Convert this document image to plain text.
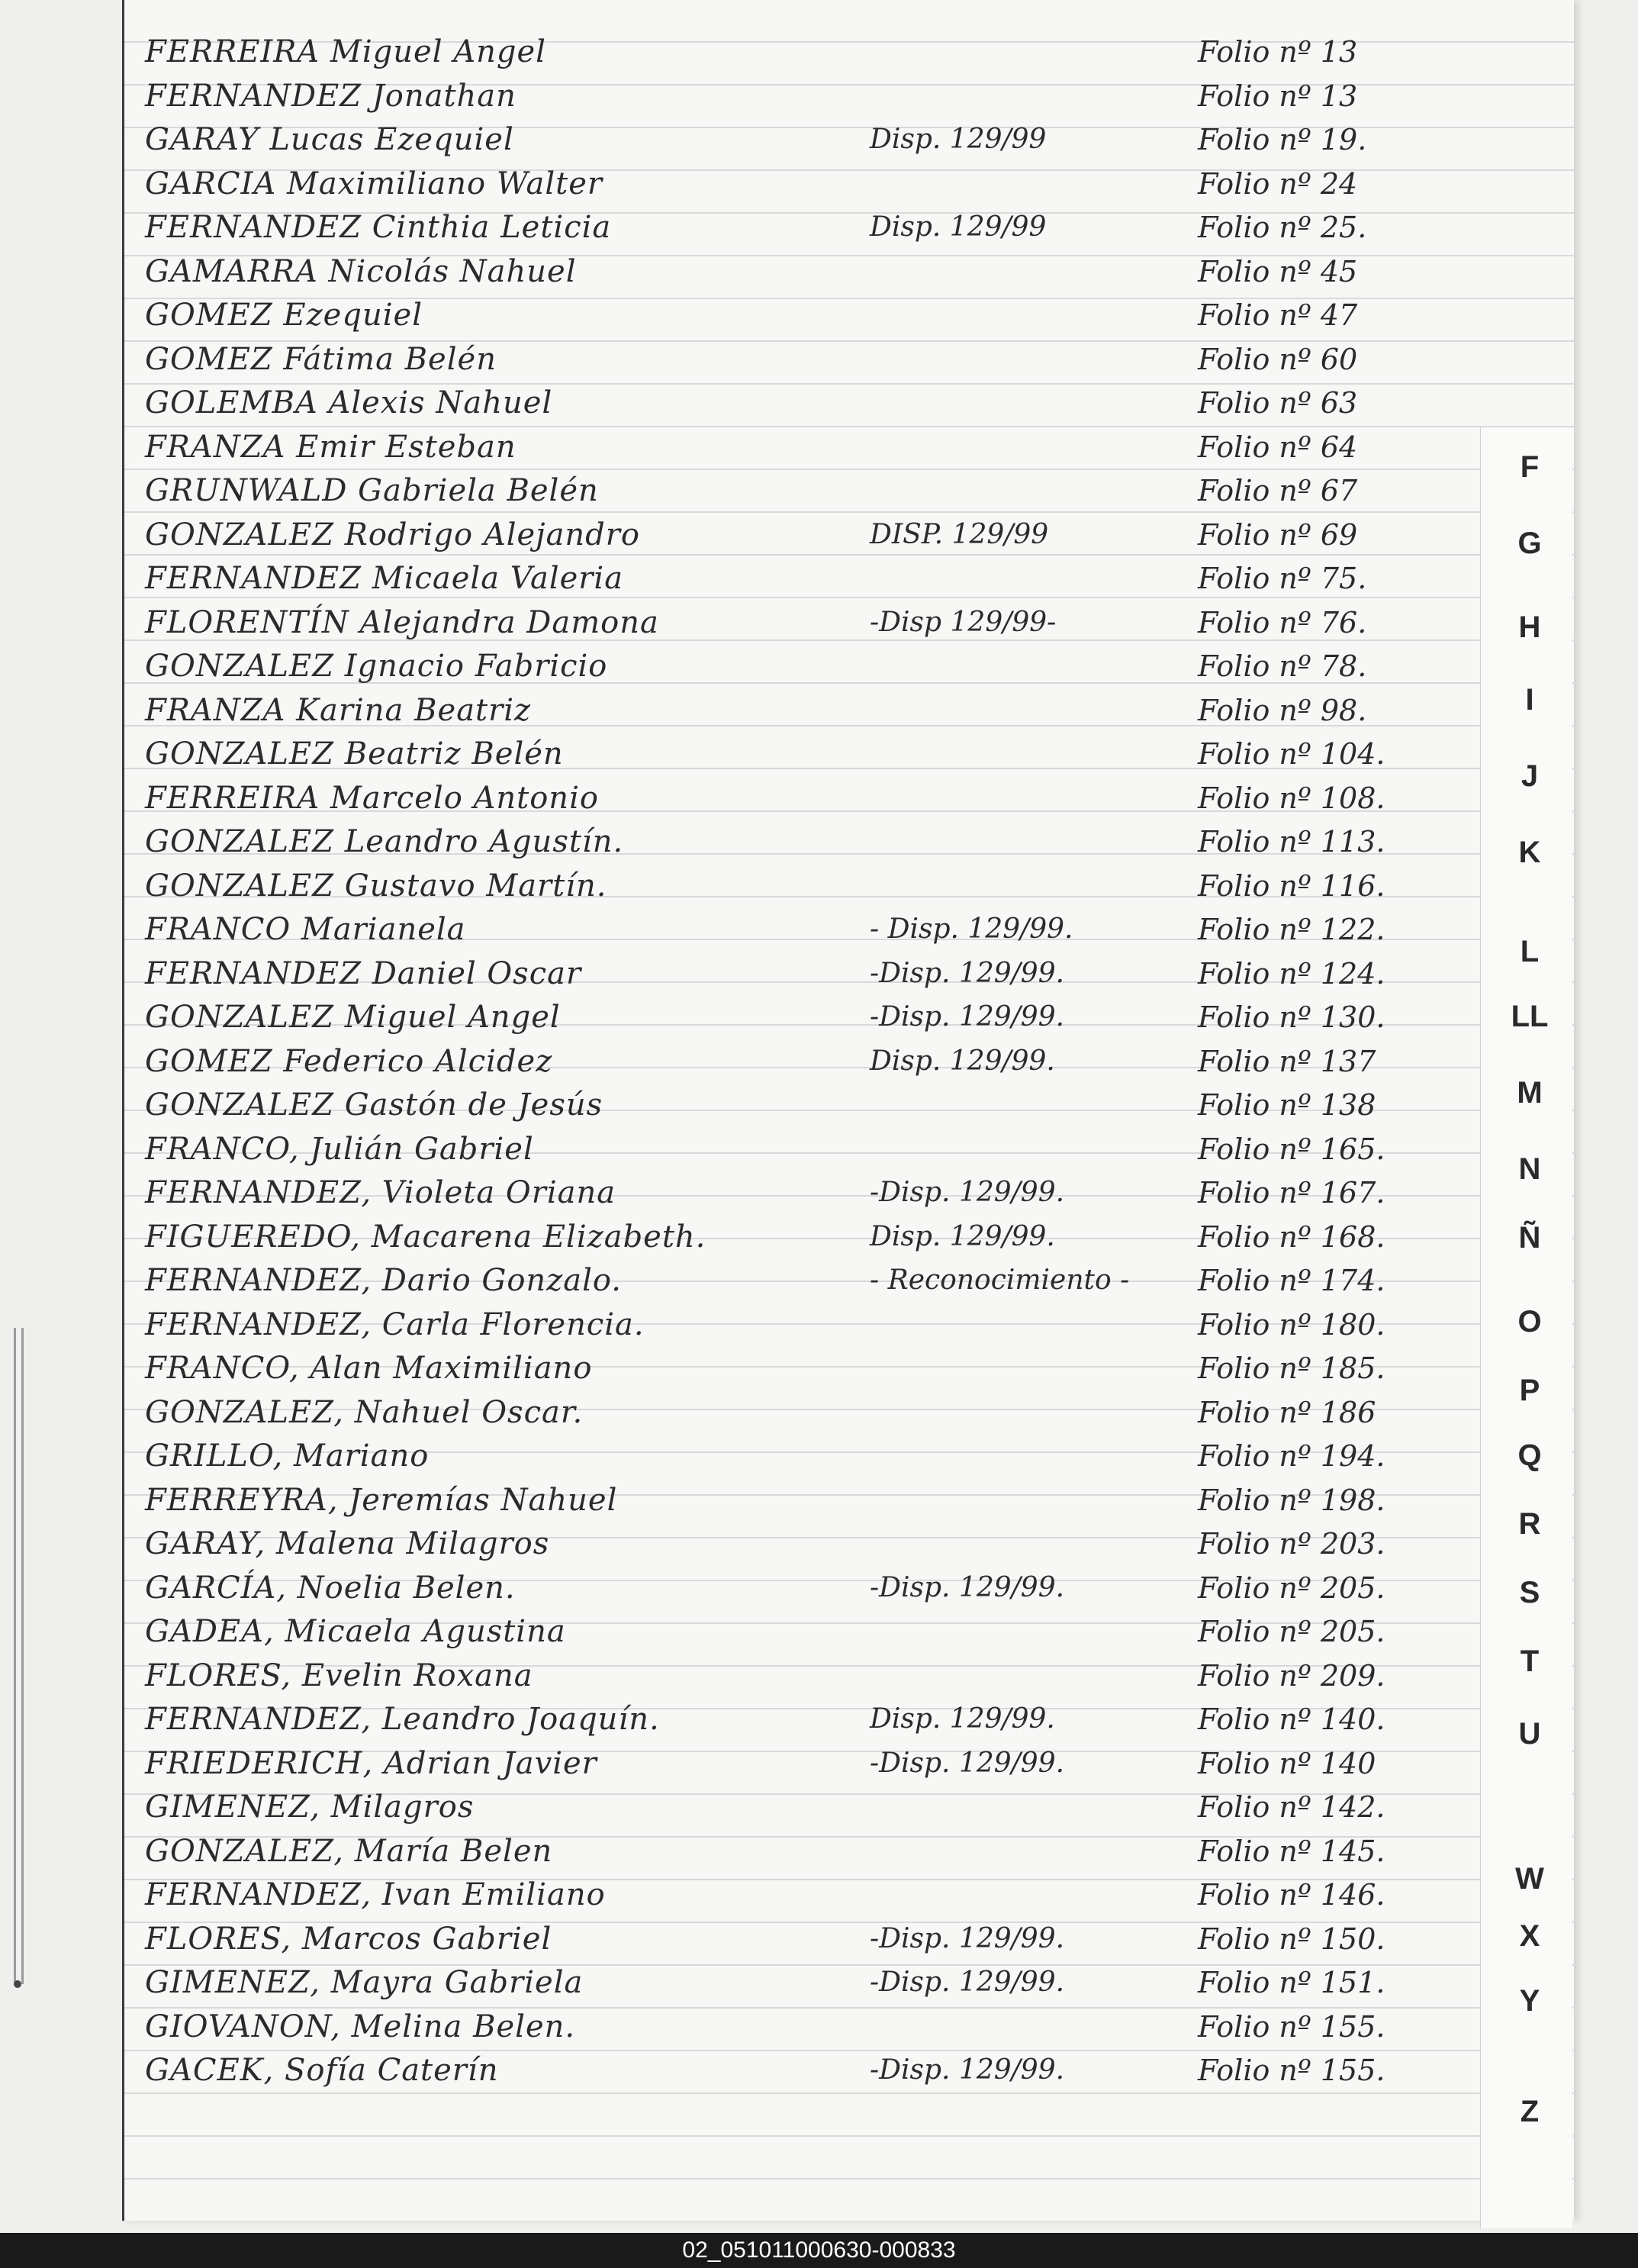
FERREIRA Miguel Angel	Folio nº 13
FERNANDEZ Jonathan	Folio nº 13
GARAY Lucas Ezequiel	Disp. 129/99	Folio nº 19.
GARCIA Maximiliano Walter	Folio nº 24
FERNANDEZ Cinthia Leticia	Disp. 129/99	Folio nº 25.
GAMARRA Nicolás Nahuel	Folio nº 45
GOMEZ Ezequiel	Folio nº 47
GOMEZ Fátima Belén	Folio nº 60
GOLEMBA Alexis Nahuel	Folio nº 63
FRANZA Emir Esteban	Folio nº 64
GRUNWALD Gabriela Belén	Folio nº 67
GONZALEZ Rodrigo Alejandro	DISP. 129/99	Folio nº 69
FERNANDEZ Micaela Valeria	Folio nº 75.
FLORENTÍN Alejandra Damona	-Disp 129/99-	Folio nº 76.
GONZALEZ Ignacio Fabricio	Folio nº 78.
FRANZA Karina Beatriz	Folio nº 98.
GONZALEZ Beatriz Belén	Folio nº 104.
FERREIRA Marcelo Antonio	Folio nº 108.
GONZALEZ Leandro Agustín.	Folio nº 113.
GONZALEZ Gustavo Martín.	Folio nº 116.
FRANCO Marianela	- Disp. 129/99.	Folio nº 122.
FERNANDEZ Daniel Oscar	-Disp. 129/99.	Folio nº 124.
GONZALEZ Miguel Angel	-Disp. 129/99.	Folio nº 130.
GOMEZ Federico Alcidez	Disp. 129/99.	Folio nº 137
GONZALEZ Gastón de Jesús	Folio nº 138
FRANCO, Julián Gabriel	Folio nº 165.
FERNANDEZ, Violeta Oriana	-Disp. 129/99.	Folio nº 167.
FIGUEREDO, Macarena Elizabeth.	Disp. 129/99.	Folio nº 168.
FERNANDEZ, Dario Gonzalo.	- Reconocimiento - Folio nº 174.
FERNANDEZ, Carla Florencia.	Folio nº 180.
FRANCO, Alan Maximiliano	Folio nº 185.
GONZALEZ, Nahuel Oscar.	Folio nº 186
GRILLO, Mariano	Folio nº 194.
FERREYRA, Jeremías Nahuel	Folio nº 198.
GARAY, Malena Milagros	Folio nº 203.
GARCÍA, Noelia Belen.	-Disp. 129/99.	Folio nº 205.
GADEA, Micaela Agustina	Folio nº 205.
FLORES, Evelin Roxana	Folio nº 209.
FERNANDEZ, Leandro Joaquín.	Disp. 129/99.	Folio nº 140.
FRIEDERICH, Adrian Javier	-Disp. 129/99.	Folio nº 140
GIMENEZ, Milagros	Folio nº 142.
GONZALEZ, María Belen	Folio nº 145.
FERNANDEZ, Ivan Emiliano	Folio nº 146.
FLORES, Marcos Gabriel	-Disp. 129/99.	Folio nº 150.
GIMENEZ, Mayra Gabriela	-Disp. 129/99.	Folio nº 151.
GIOVANON, Melina Belen.	Folio nº 155.
GACEK, Sofía Caterín	-Disp. 129/99.	Folio nº 155.
F
G
H
I
J
K
L
LL
M
N
Ñ
O
P
Q
R
S
T
U
W
X
Y
Z
02_051011000630-000833
